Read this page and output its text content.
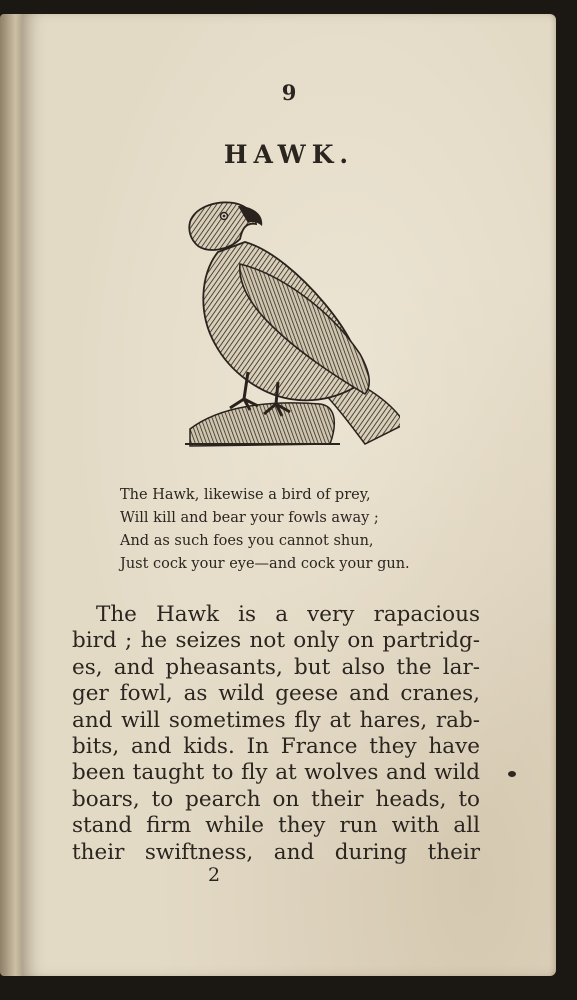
9
HAWK.
The Hawk, likewise a bird of prey,
Will kill and bear your fowls away ;
And as such foes you cannot shun,
Just cock your eye—and cock your gun.
The Hawk is a very rapacious
bird ; he seizes not only on partridg-
es, and pheasants, but also the lar-
ger fowl, as wild geese and cranes,
and will sometimes fly at hares, rab-
bits, and kids. In France they have
been taught to fly at wolves and wild
boars, to pearch on their heads, to
stand firm while they run with all
their swiftness, and during their
2
